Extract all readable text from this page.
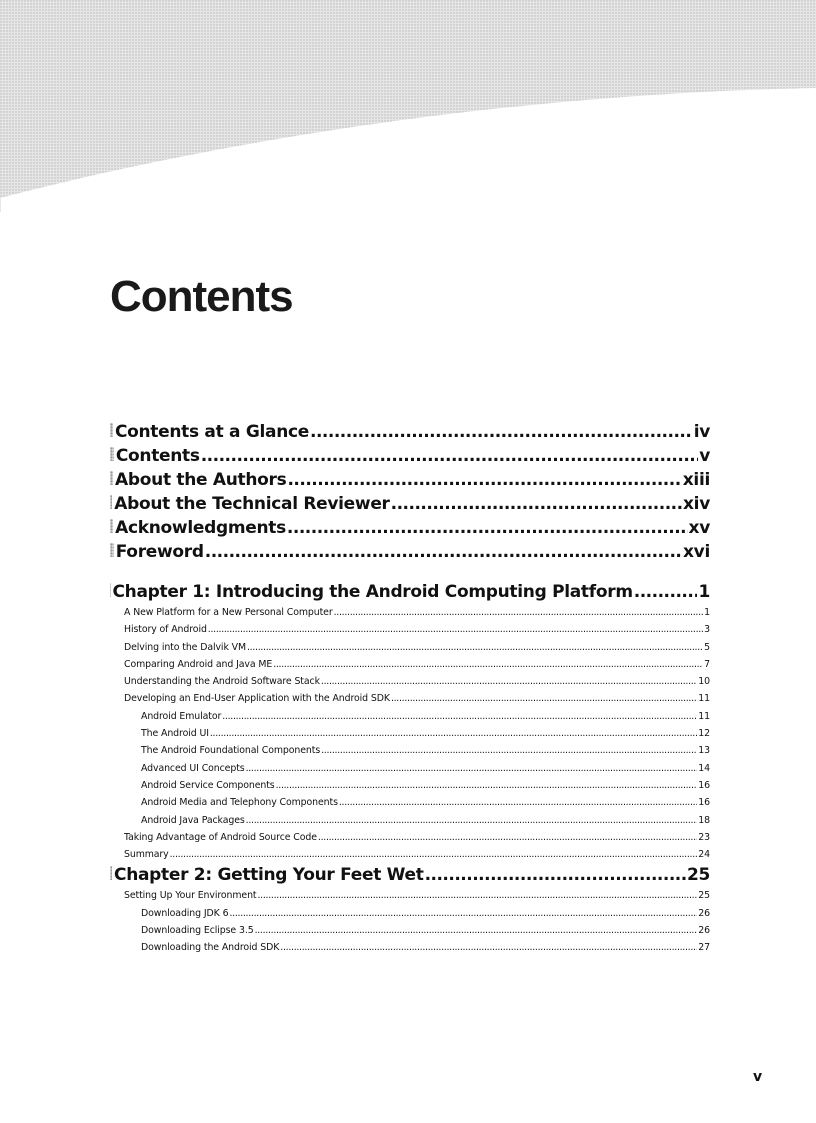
Contents
Contents at a Glance .....	iv
Contents .....	v
About the Authors .....	xiii
About the Technical Reviewer .....	xiv
Acknowledgments .....	xv
Foreword .....	xvi
Chapter 1: Introducing the Android Computing Platform .....	1
A New Platform for a New Personal Computer .....	1
History of Android .....	3
Delving into the Dalvik VM .....	5
Comparing Android and Java ME .....	7
Understanding the Android Software Stack .....	10
Developing an End-User Application with the Android SDK .....	11
Android Emulator .....	11
The Android UI .....	12
The Android Foundational Components .....	13
Advanced UI Concepts .....	14
Android Service Components .....	16
Android Media and Telephony Components .....	16
Android Java Packages .....	18
Taking Advantage of Android Source Code .....	23
Summary .....	24
Chapter 2: Getting Your Feet Wet .....	25
Setting Up Your Environment .....	25
Downloading JDK 6 .....	26
Downloading Eclipse 3.5 .....	26
Downloading the Android SDK .....	27
v
